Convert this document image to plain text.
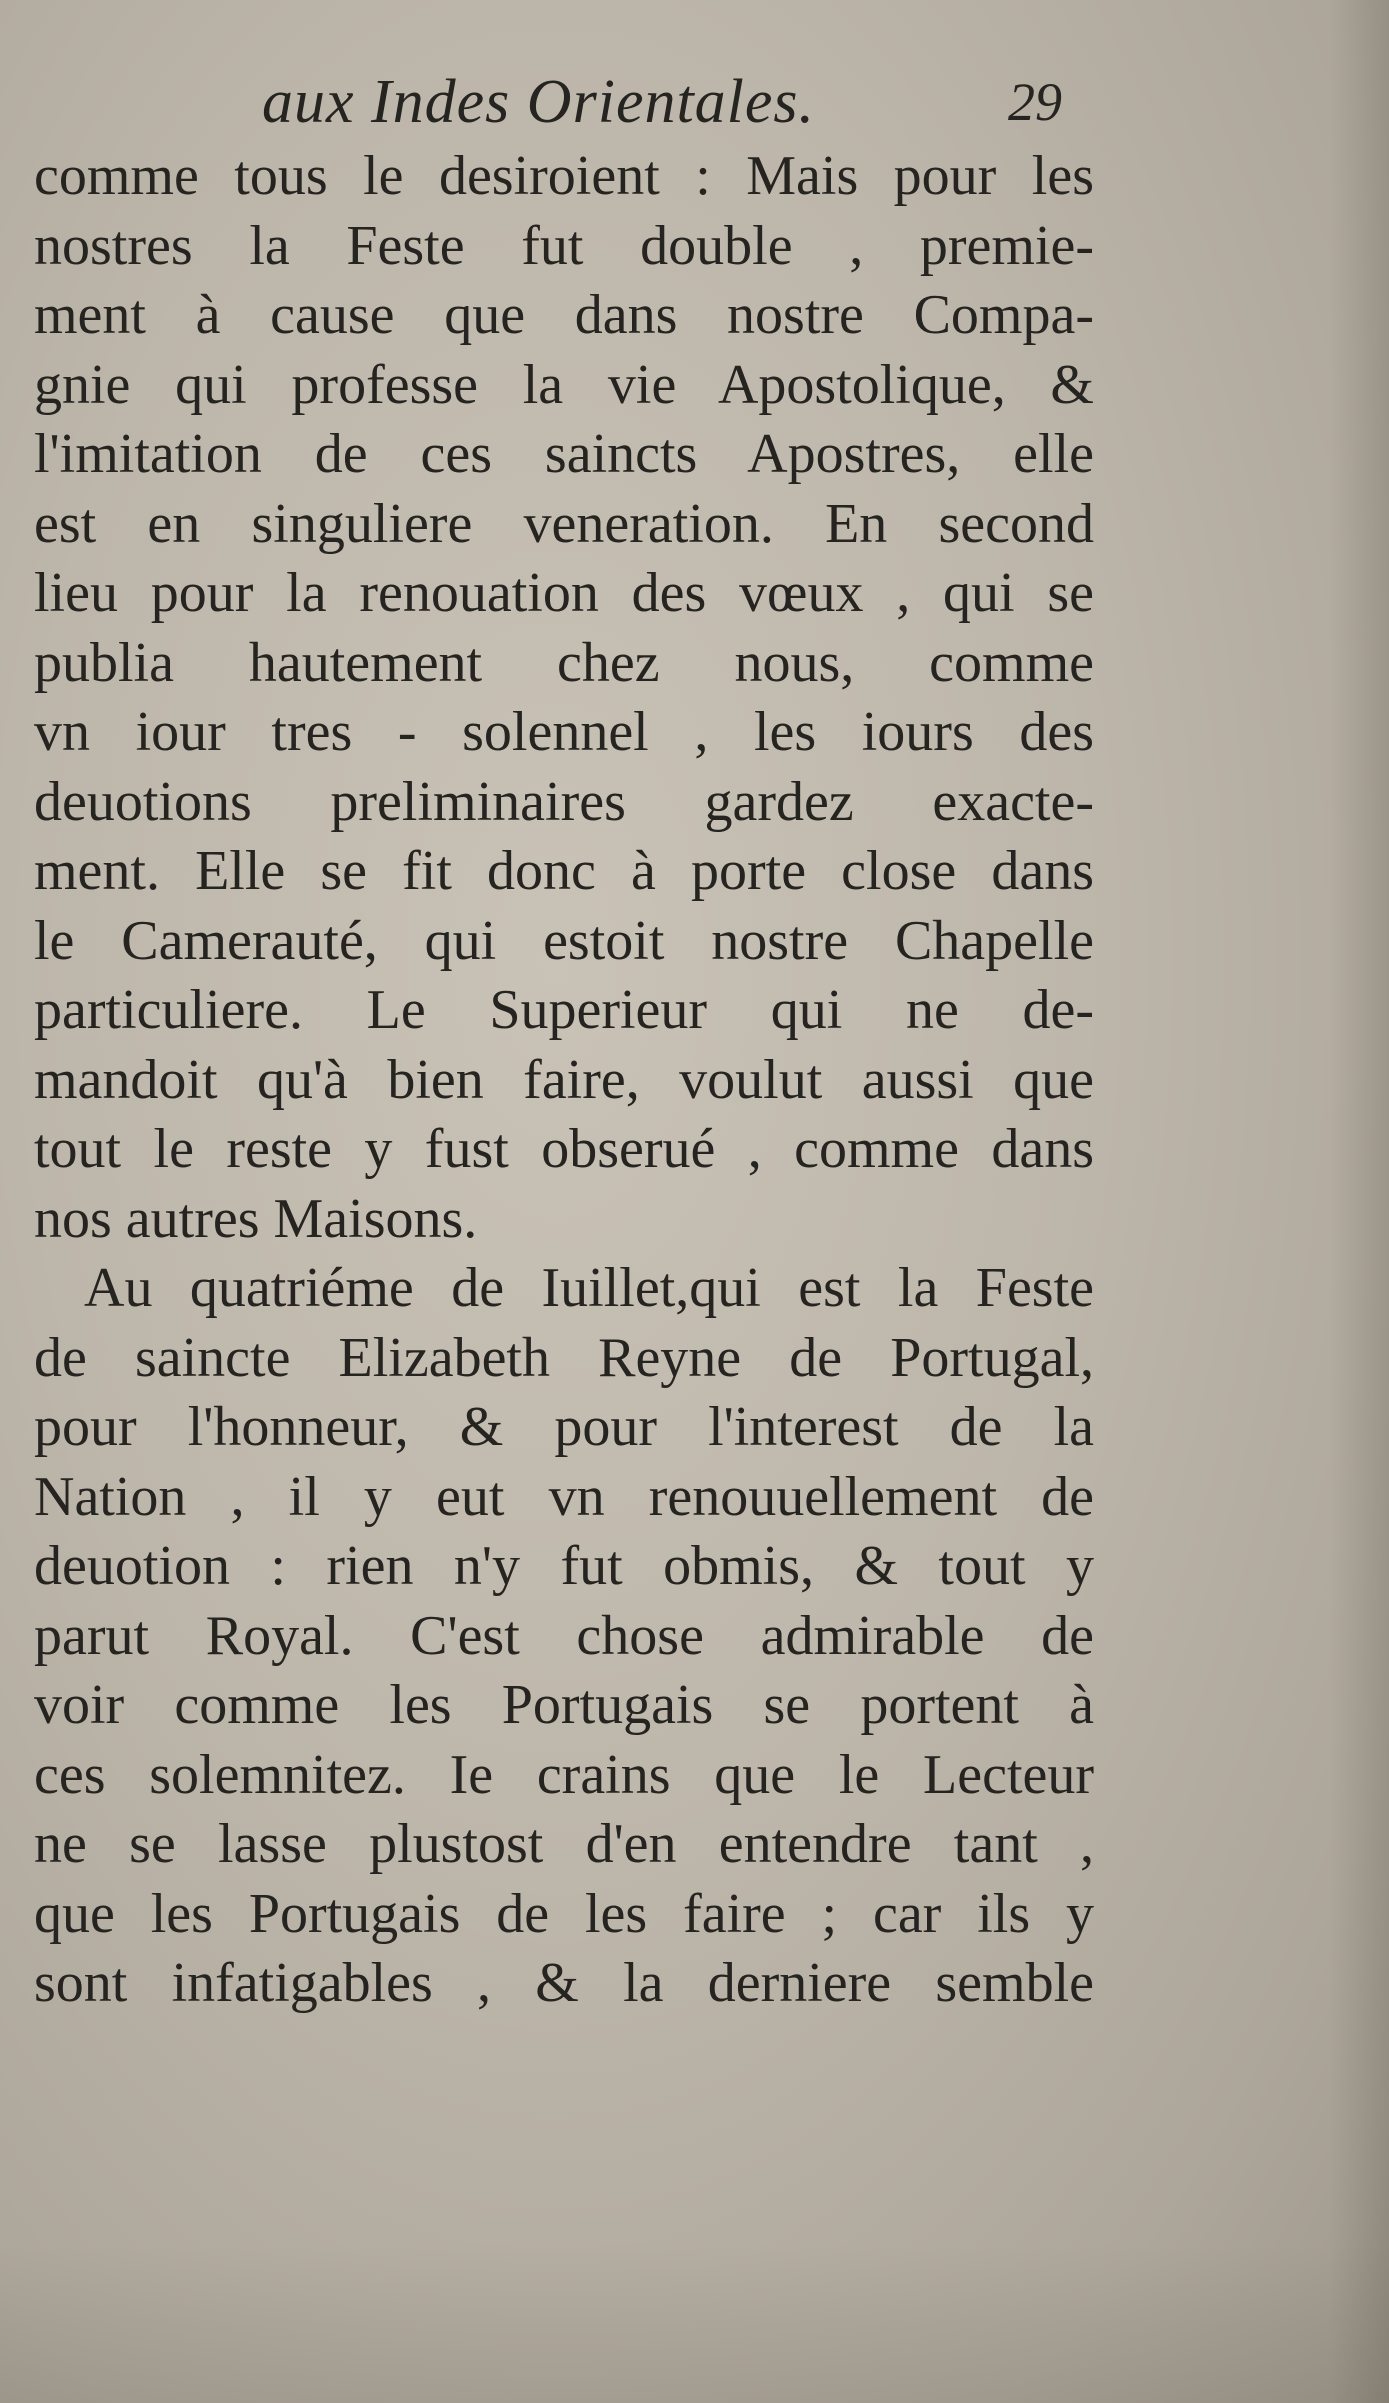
aux Indes Orientales.	29
comme tous le desiroient : Mais pour les
nostres la Feste fut double , premie-
ment à cause que dans nostre Compa-
gnie qui professe la vie Apostolique, &
l'imitation de ces saincts Apostres, elle
est en singuliere veneration. En second
lieu pour la renouation des vœux , qui se
publia hautement chez nous, comme
vn iour tres - solennel , les iours des
deuotions preliminaires gardez exacte-
ment. Elle se fit donc à porte close dans
le Camerauté, qui estoit nostre Chapelle
particuliere. Le Superieur qui ne de-
mandoit qu'à bien faire, voulut aussi que
tout le reste y fust obserué , comme dans
nos autres Maisons.
Au quatriéme de Iuillet,qui est la Feste
de saincte Elizabeth Reyne de Portugal,
pour l'honneur, & pour l'interest de la
Nation , il y eut vn renouuellement de
deuotion : rien n'y fut obmis, & tout y
parut Royal. C'est chose admirable de
voir comme les Portugais se portent à
ces solemnitez. Ie crains que le Lecteur
ne se lasse plustost d'en entendre tant ,
que les Portugais de les faire ; car ils y
sont infatigables , & la derniere semble
